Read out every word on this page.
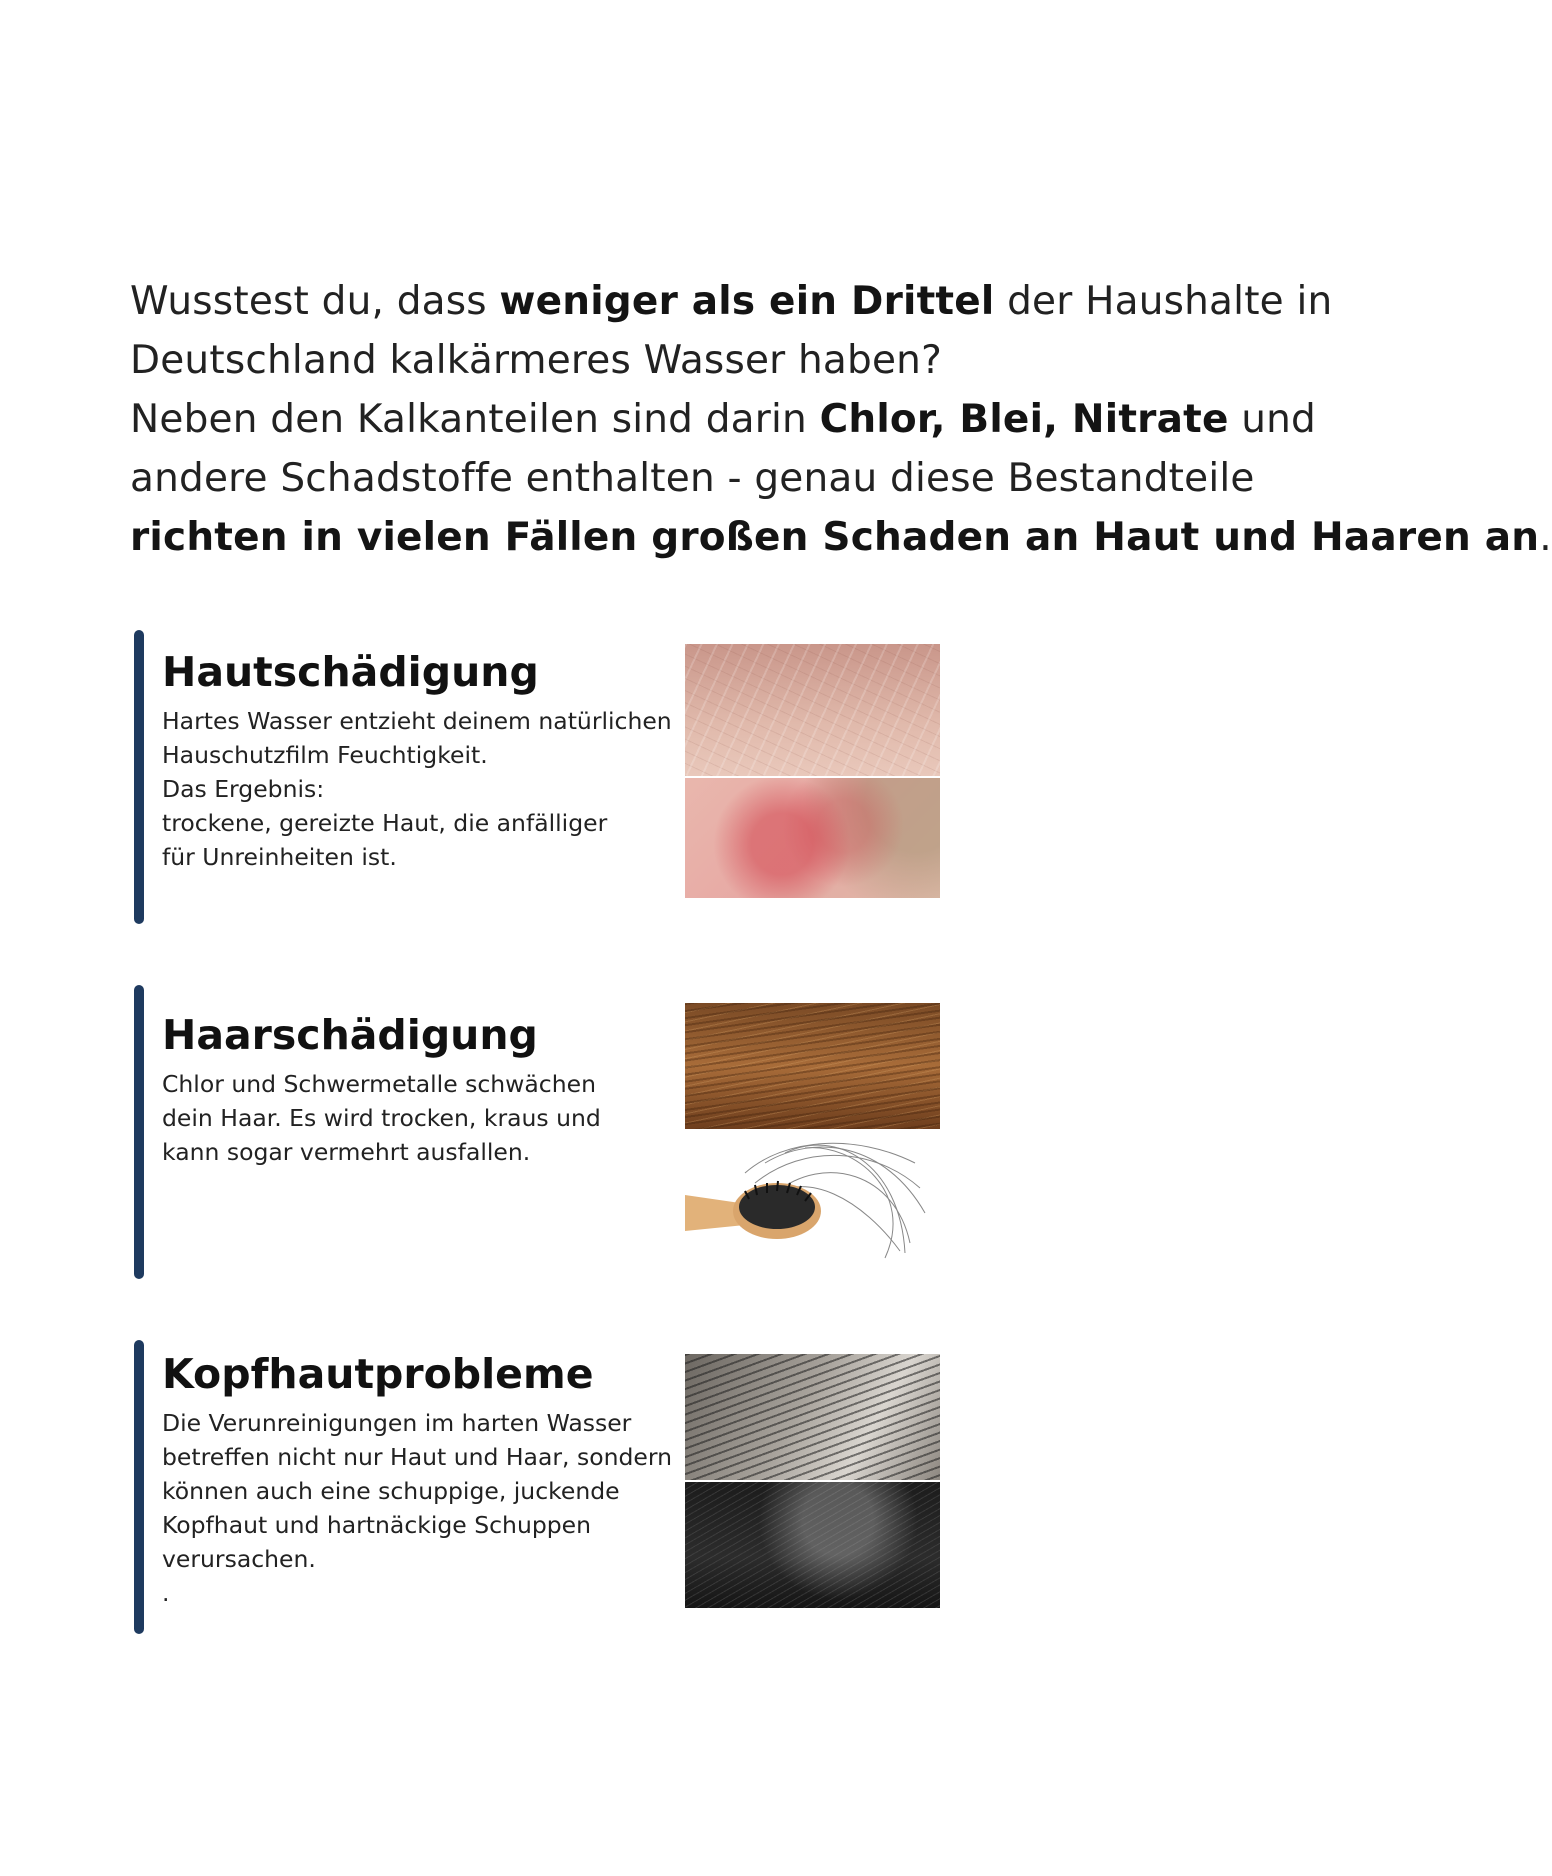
Wusstest du, dass weniger als ein Drittel der Haushalte in

Deutschland kalkärmeres Wasser haben?

Neben den Kalkanteilen sind darin Chlor, Blei, Nitrate und

andere Schadstoffe enthalten - genau diese Bestandteile

richten in vielen Fällen großen Schaden an Haut und Haaren an.

Hautschädigung
Hartes Wasser entzieht deinem natürlichen
Hauschutzfilm Feuchtigkeit.
Das Ergebnis:
trockene, gereizte Haut, die anfälliger
für Unreinheiten ist.
Haarschädigung
Chlor und Schwermetalle schwächen
dein Haar. Es wird trocken, kraus und
kann sogar vermehrt ausfallen.
Kopfhautprobleme
Die Verunreinigungen im harten Wasser
betreffen nicht nur Haut und Haar, sondern
können auch eine schuppige, juckende
Kopfhaut und hartnäckige Schuppen
verursachen.
.
